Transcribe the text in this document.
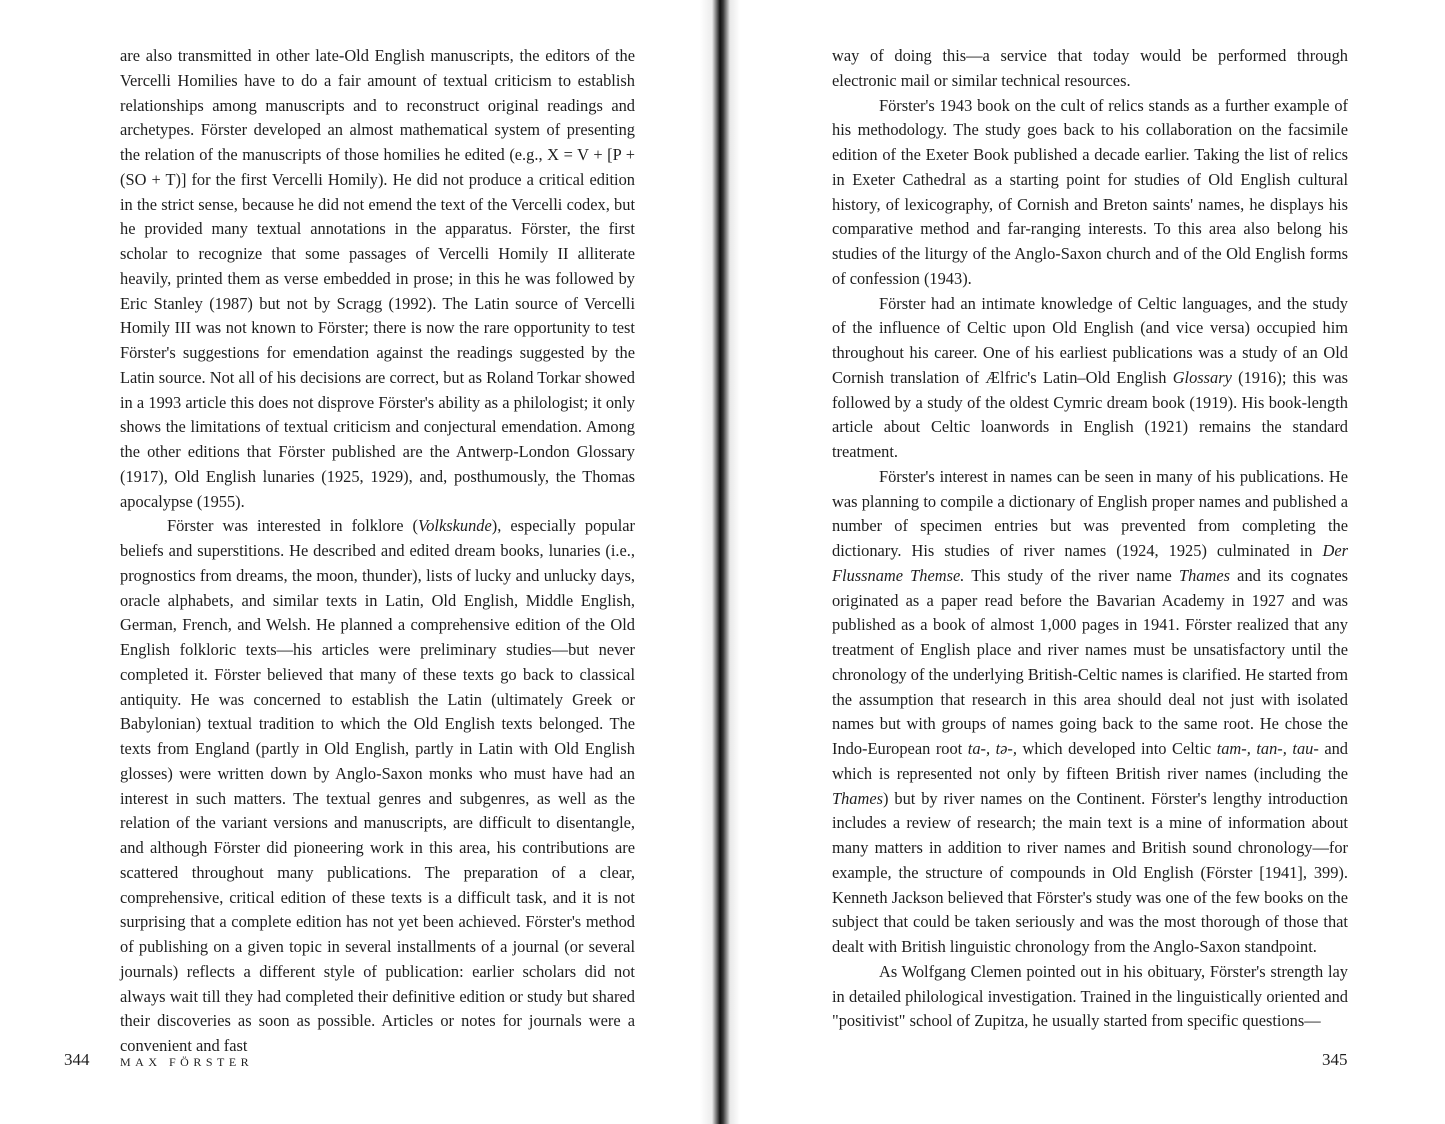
are also transmitted in other late-Old English manuscripts, the editors of the Vercelli Homilies have to do a fair amount of textual criticism to establish relationships among manuscripts and to reconstruct original readings and archetypes. Förster developed an almost mathematical system of presenting the relation of the manuscripts of those homilies he edited (e.g., X = V + [P + (SO + T)] for the first Vercelli Homily). He did not produce a critical edition in the strict sense, because he did not emend the text of the Vercelli codex, but he provided many textual annotations in the apparatus. Förster, the first scholar to recognize that some passages of Vercelli Homily II alliterate heavily, printed them as verse embedded in prose; in this he was followed by Eric Stanley (1987) but not by Scragg (1992). The Latin source of Vercelli Homily III was not known to Förster; there is now the rare opportunity to test Förster's suggestions for emendation against the readings suggested by the Latin source. Not all of his decisions are correct, but as Roland Torkar showed in a 1993 article this does not disprove Förster's ability as a philologist; it only shows the limitations of textual criticism and conjectural emendation. Among the other editions that Förster published are the Antwerp-London Glossary (1917), Old English lunaries (1925, 1929), and, posthumously, the Thomas apocalypse (1955).

Förster was interested in folklore (Volkskunde), especially popular beliefs and superstitions. He described and edited dream books, lunaries (i.e., prognostics from dreams, the moon, thunder), lists of lucky and unlucky days, oracle alphabets, and similar texts in Latin, Old English, Middle English, German, French, and Welsh. He planned a comprehensive edition of the Old English folkloric texts—his articles were preliminary studies—but never completed it. Förster believed that many of these texts go back to classical antiquity. He was concerned to establish the Latin (ultimately Greek or Babylonian) textual tradition to which the Old English texts belonged. The texts from England (partly in Old English, partly in Latin with Old English glosses) were written down by Anglo-Saxon monks who must have had an interest in such matters. The textual genres and subgenres, as well as the relation of the variant versions and manuscripts, are difficult to disentangle, and although Förster did pioneering work in this area, his contributions are scattered throughout many publications. The preparation of a clear, comprehensive, critical edition of these texts is a difficult task, and it is not surprising that a complete edition has not yet been achieved. Förster's method of publishing on a given topic in several installments of a journal (or several journals) reflects a different style of publication: earlier scholars did not always wait till they had completed their definitive edition or study but shared their discoveries as soon as possible. Articles or notes for journals were a convenient and fast

344	MAX FÖRSTER

way of doing this—a service that today would be performed through electronic mail or similar technical resources.

Förster's 1943 book on the cult of relics stands as a further example of his methodology. The study goes back to his collaboration on the facsimile edition of the Exeter Book published a decade earlier. Taking the list of relics in Exeter Cathedral as a starting point for studies of Old English cultural history, of lexicography, of Cornish and Breton saints' names, he displays his comparative method and far-ranging interests. To this area also belong his studies of the liturgy of the Anglo-Saxon church and of the Old English forms of confession (1943).

Förster had an intimate knowledge of Celtic languages, and the study of the influence of Celtic upon Old English (and vice versa) occupied him throughout his career. One of his earliest publications was a study of an Old Cornish translation of Ælfric's Latin–Old English Glossary (1916); this was followed by a study of the oldest Cymric dream book (1919). His book-length article about Celtic loanwords in English (1921) remains the standard treatment.

Förster's interest in names can be seen in many of his publications. He was planning to compile a dictionary of English proper names and published a number of specimen entries but was prevented from completing the dictionary. His studies of river names (1924, 1925) culminated in Der Flussname Themse. This study of the river name Thames and its cognates originated as a paper read before the Bavarian Academy in 1927 and was published as a book of almost 1,000 pages in 1941. Förster realized that any treatment of English place and river names must be unsatisfactory until the chronology of the underlying British-Celtic names is clarified. He started from the assumption that research in this area should deal not just with isolated names but with groups of names going back to the same root. He chose the Indo-European root ta-, tə-, which developed into Celtic tam-, tan-, tau- and which is represented not only by fifteen British river names (including the Thames) but by river names on the Continent. Förster's lengthy introduction includes a review of research; the main text is a mine of information about many matters in addition to river names and British sound chronology—for example, the structure of compounds in Old English (Förster [1941], 399). Kenneth Jackson believed that Förster's study was one of the few books on the subject that could be taken seriously and was the most thorough of those that dealt with British linguistic chronology from the Anglo-Saxon standpoint.

As Wolfgang Clemen pointed out in his obituary, Förster's strength lay in detailed philological investigation. Trained in the linguistically oriented and "positivist" school of Zupitza, he usually started from specific questions—

345
